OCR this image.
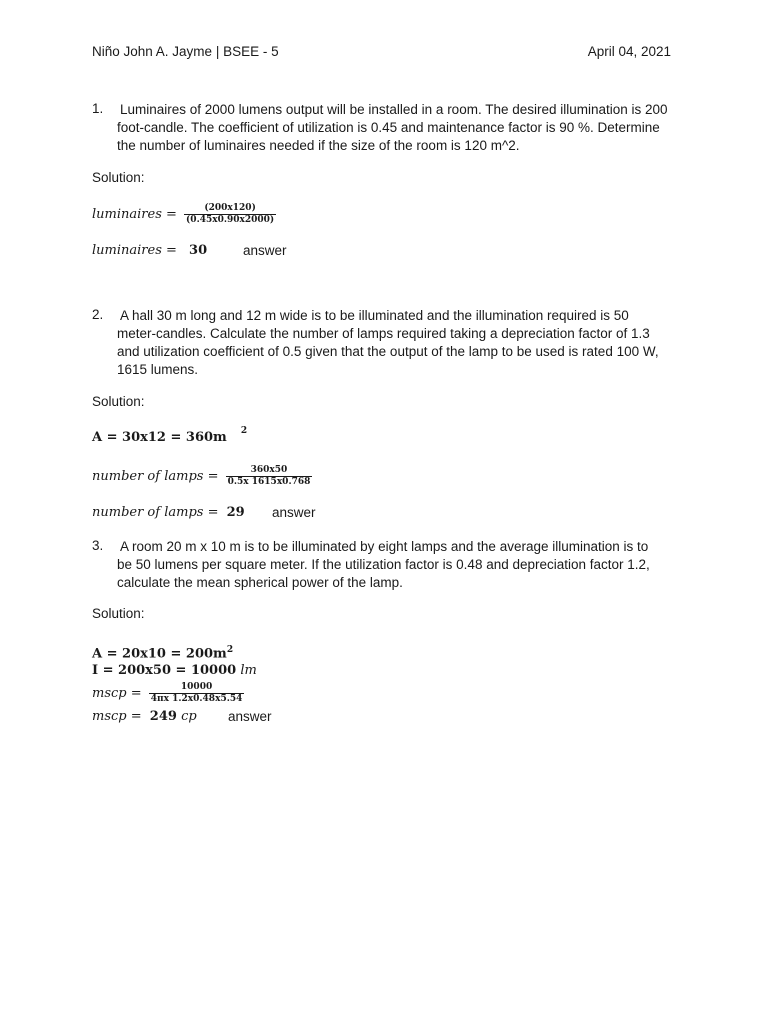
Niño John A. Jayme | BSEE - 5	April 04, 2021
1. Luminaires of 2000 lumens output will be installed in a room. The desired illumination is 200 foot-candle. The coefficient of utilization is 0.45 and maintenance factor is 90 %. Determine the number of luminaires needed if the size of the room is 120 m^2.
Solution:
luminaires = $\frac{(200x120)}{(0.45x0.90x2000)}$
luminaires = 30	answer
2. A hall 30 m long and 12 m wide is to be illuminated and the illumination required is 50 meter-candles. Calculate the number of lamps required taking a depreciation factor of 1.3 and utilization coefficient of 0.5 given that the output of the lamp to be used is rated 100 W, 1615 lumens.
Solution:
A = 30x12 = 360m $^2$
number of lamps = $\frac{360x50}{0.5x 1615x0.768}$
number of lamps = 29 answer
3. A room 20 m x 10 m is to be illuminated by eight lamps and the average illumination is to be 50 lumens per square meter. If the utilization factor is 0.48 and depreciation factor 1.2, calculate the mean spherical power of the lamp.
Solution:
$A = 20x10 = 200m^2$
I = 200x50 = 10000 lm
mscp = $\frac{10000}{4\pi x 1.2x0.48x5.54}$
mscp = 249 cp answer
